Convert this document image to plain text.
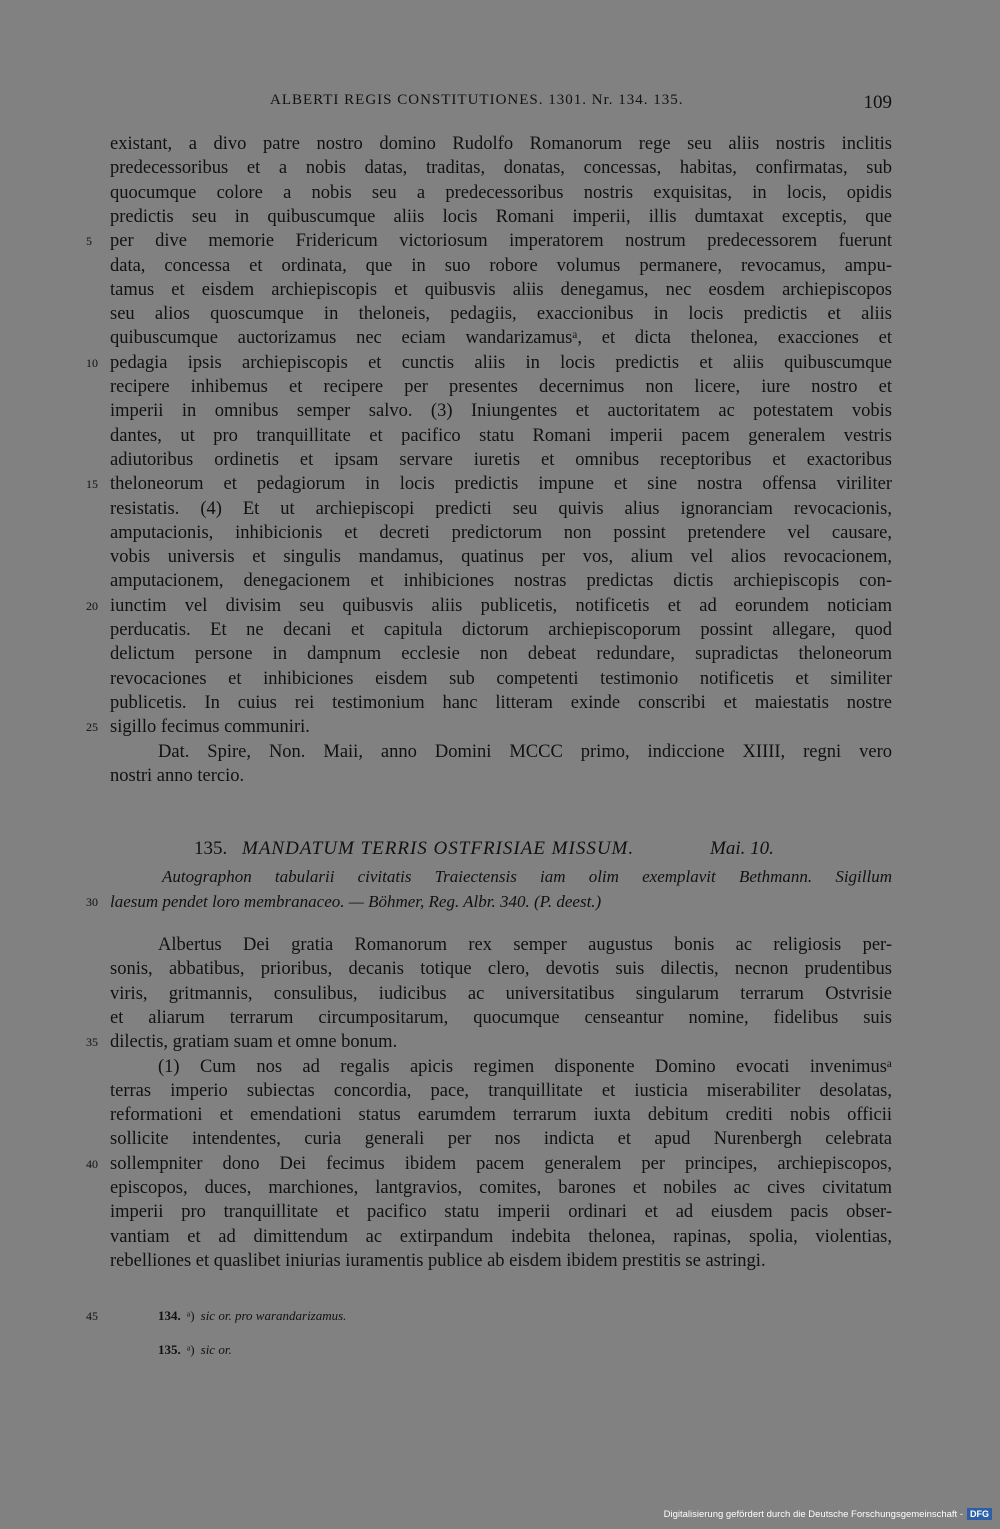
ALBERTI REGIS CONSTITUTIONES. 1301. Nr. 134. 135.	109
existant, a divo patre nostro domino Rudolfo Romanorum rege seu aliis nostris inclitis
predecessoribus et a nobis datas, traditas, donatas, concessas, habitas, confirmatas, sub
quocumque colore a nobis seu a predecessoribus nostris exquisitas, in locis, opidis
predictis seu in quibuscumque aliis locis Romani imperii, illis dumtaxat exceptis, que
per dive memorie Fridericum victoriosum imperatorem nostrum predecessorem fuerunt
5
data, concessa et ordinata, que in suo robore volumus permanere, revocamus, ampu-
tamus et eisdem archiepiscopis et quibusvis aliis denegamus, nec eosdem archiepiscopos
seu alios quoscumque in theloneis, pedagiis, exaccionibus in locis predictis et aliis
quibuscumque auctorizamus nec eciam wandarizamusᵃ, et dicta thelonea, exacciones et
pedagia ipsis archiepiscopis et cunctis aliis in locis predictis et aliis quibuscumque
10
recipere inhibemus et recipere per presentes decernimus non licere, iure nostro et
imperii in omnibus semper salvo. (3) Iniungentes et auctoritatem ac potestatem vobis
dantes, ut pro tranquillitate et pacifico statu Romani imperii pacem generalem vestris
adiutoribus ordinetis et ipsam servare iuretis et omnibus receptoribus et exactoribus
theloneorum et pedagiorum in locis predictis impune et sine nostra offensa viriliter
15
resistatis. (4) Et ut archiepiscopi predicti seu quivis alius ignoranciam revocacionis,
amputacionis, inhibicionis et decreti predictorum non possint pretendere vel causare,
vobis universis et singulis mandamus, quatinus per vos, alium vel alios revocacionem,
amputacionem, denegacionem et inhibiciones nostras predictas dictis archiepiscopis con-
iunctim vel divisim seu quibusvis aliis publicetis, notificetis et ad eorundem noticiam
20
perducatis. Et ne decani et capitula dictorum archiepiscoporum possint allegare, quod
delictum persone in dampnum ecclesie non debeat redundare, supradictas theloneorum
revocaciones et inhibiciones eisdem sub competenti testimonio notificetis et similiter
publicetis. In cuius rei testimonium hanc litteram exinde conscribi et maiestatis nostre
sigillo fecimus communiri.
25
Dat. Spire, Non. Maii, anno Domini MCCC primo, indiccione XIIII, regni vero
nostri anno tercio.
135. MANDATUM TERRIS OSTFRISIAE MISSUM.	Mai. 10.
Autographon tabularii civitatis Traiectensis iam olim exemplavit Bethmann. Sigillum
laesum pendet loro membranaceo. — Böhmer, Reg. Albr. 340. (P. deest.)
30
Albertus Dei gratia Romanorum rex semper augustus bonis ac religiosis per-
sonis, abbatibus, prioribus, decanis totique clero, devotis suis dilectis, necnon prudentibus
viris, gritmannis, consulibus, iudicibus ac universitatibus singularum terrarum Ostvrisie
et aliarum terrarum circumpositarum, quocumque censeantur nomine, fidelibus suis
dilectis, gratiam suam et omne bonum.
35
(1) Cum nos ad regalis apicis regimen disponente Domino evocati invenimusᵃ
terras imperio subiectas concordia, pace, tranquillitate et iusticia miserabiliter desolatas,
reformationi et emendationi status earumdem terrarum iuxta debitum crediti nobis officii
sollicite intendentes, curia generali per nos indicta et apud Nurenbergh celebrata
sollempniter dono Dei fecimus ibidem pacem generalem per principes, archiepiscopos,
40
episcopos, duces, marchiones, lantgravios, comites, barones et nobiles ac cives civitatum
imperii pro tranquillitate et pacifico statu imperii ordinari et ad eiusdem pacis obser-
vantiam et ad dimittendum ac extirpandum indebita thelonea, rapinas, spolia, violentias,
rebelliones et quaslibet iniurias iuramentis publice ab eisdem ibidem prestitis se astringi.
134. ᵃ) sic or. pro warandarizamus.
45
135. ᵃ) sic or.
Digitalisierung gefördert durch die Deutsche Forschungsgemeinschaft - DFG
